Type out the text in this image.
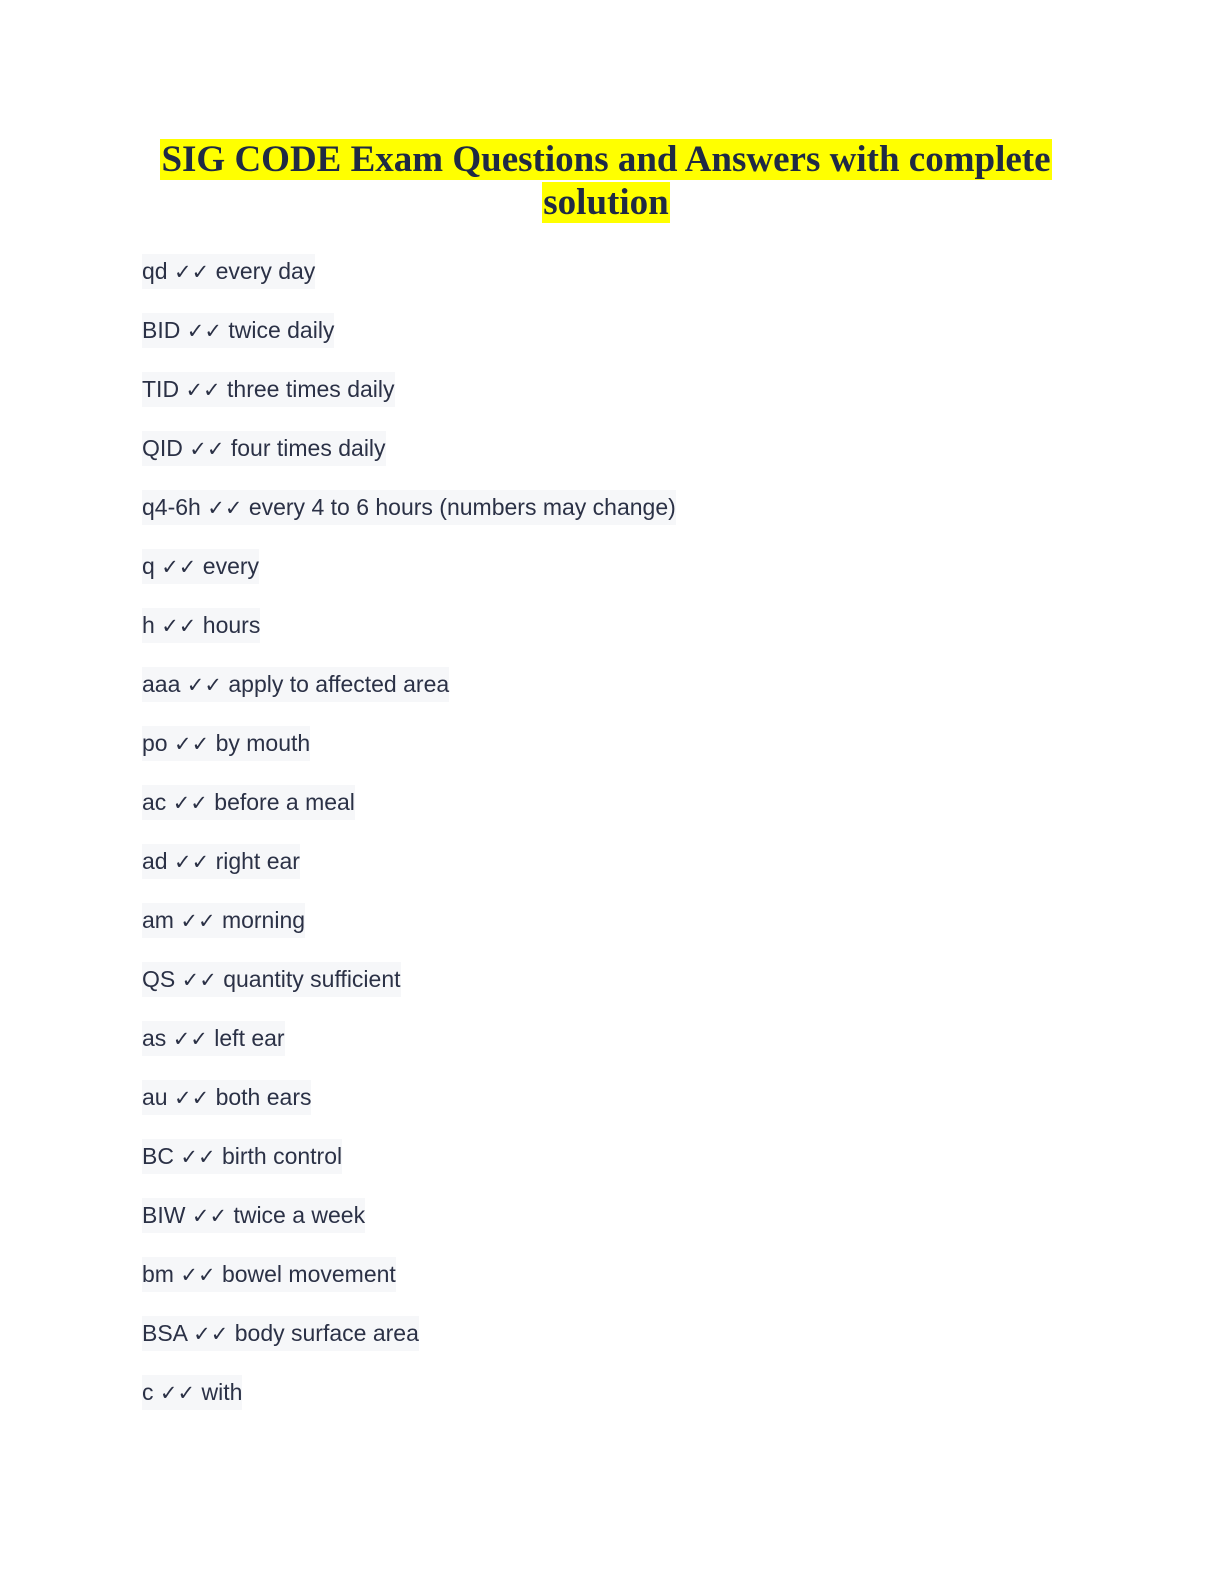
SIG CODE Exam Questions and Answers with complete
solution
qd ✓✓ every day
BID ✓✓ twice daily
TID ✓✓ three times daily
QID ✓✓ four times daily
q4-6h ✓✓ every 4 to 6 hours (numbers may change)
q ✓✓ every
h ✓✓ hours
aaa ✓✓ apply to affected area
po ✓✓ by mouth
ac ✓✓ before a meal
ad ✓✓ right ear
am ✓✓ morning
QS ✓✓ quantity sufficient
as ✓✓ left ear
au ✓✓ both ears
BC ✓✓ birth control
BIW ✓✓ twice a week
bm ✓✓ bowel movement
BSA ✓✓ body surface area
c ✓✓ with
